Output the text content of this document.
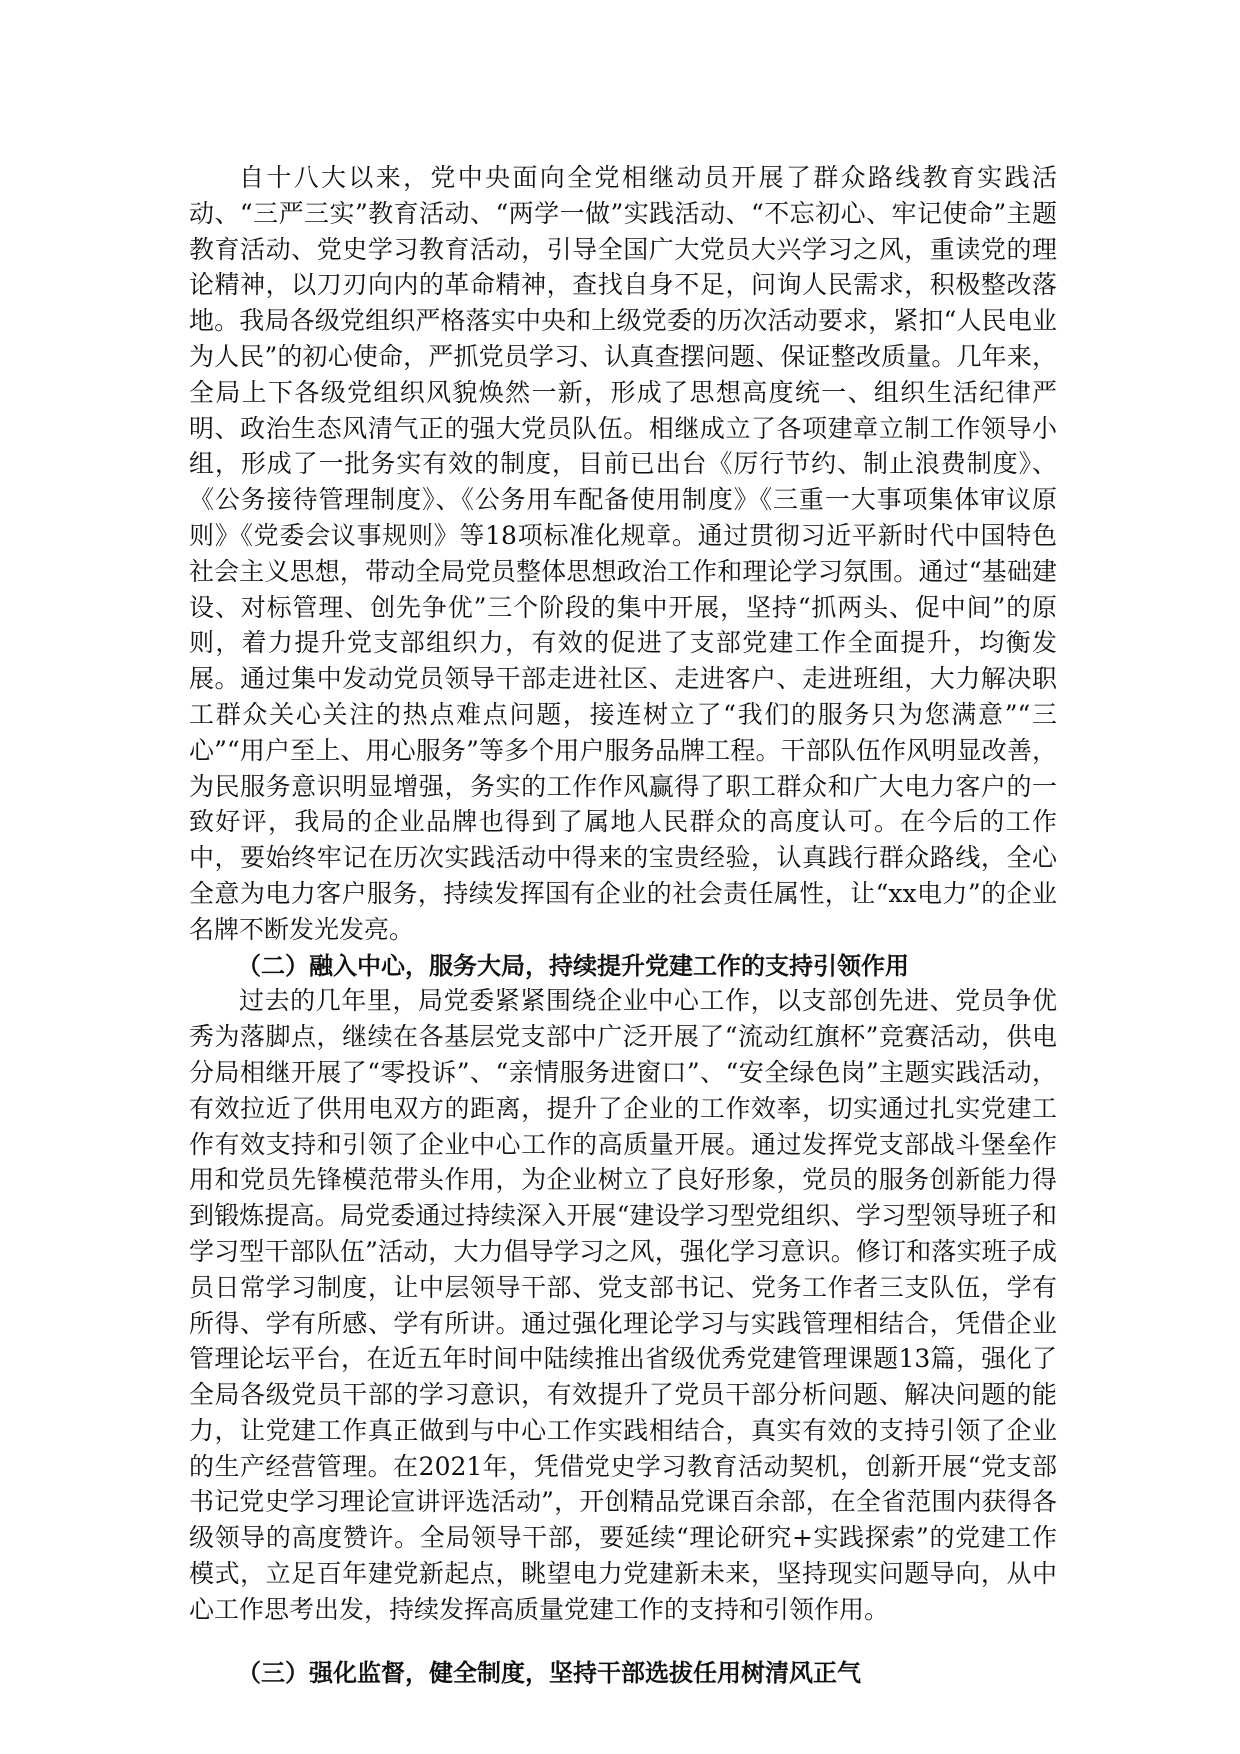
自十八大以来，党中央面向全党相继动员开展了群众路线教育实践活动、“三严三实”教育活动、“两学一做”实践活动、“不忘初心、牢记使命”主题教育活动、党史学习教育活动，引导全国广大党员大兴学习之风，重读党的理论精神，以刀刃向内的革命精神，查找自身不足，问询人民需求，积极整改落地。我局各级党组织严格落实中央和上级党委的历次活动要求，紧扣“人民电业为人民”的初心使命，严抓党员学习、认真查摆问题、保证整改质量。几年来，全局上下各级党组织风貌焕然一新，形成了思想高度统一、组织生活纪律严明、政治生态风清气正的强大党员队伍。相继成立了各项建章立制工作领导小组，形成了一批务实有效的制度，目前已出台《厉行节约、制止浪费制度》、《公务接待管理制度》、《公务用车配备使用制度》《三重一大事项集体审议原则》《党委会议事规则》等18项标准化规章。通过贯彻习近平新时代中国特色社会主义思想，带动全局党员整体思想政治工作和理论学习氛围。通过“基础建设、对标管理、创先争优”三个阶段的集中开展，坚持“抓两头、促中间”的原则，着力提升党支部组织力，有效的促进了支部党建工作全面提升，均衡发展。通过集中发动党员领导干部走进社区、走进客户、走进班组，大力解决职工群众关心关注的热点难点问题，接连树立了“我们的服务只为您满意”“三心”“用户至上、用心服务”等多个用户服务品牌工程。干部队伍作风明显改善，为民服务意识明显增强，务实的工作作风赢得了职工群众和广大电力客户的一致好评，我局的企业品牌也得到了属地人民群众的高度认可。在今后的工作中，要始终牢记在历次实践活动中得来的宝贵经验，认真践行群众路线，全心全意为电力客户服务，持续发挥国有企业的社会责任属性，让“xx电力”的企业名牌不断发光发亮。

（二）融入中心，服务大局，持续提升党建工作的支持引领作用

过去的几年里，局党委紧紧围绕企业中心工作，以支部创先进、党员争优秀为落脚点，继续在各基层党支部中广泛开展了“流动红旗杯”竞赛活动，供电分局相继开展了“零投诉”、“亲情服务进窗口”、“安全绿色岗”主题实践活动，有效拉近了供用电双方的距离，提升了企业的工作效率，切实通过扎实党建工作有效支持和引领了企业中心工作的高质量开展。通过发挥党支部战斗堡垒作用和党员先锋模范带头作用，为企业树立了良好形象，党员的服务创新能力得到锻炼提高。局党委通过持续深入开展“建设学习型党组织、学习型领导班子和学习型干部队伍”活动，大力倡导学习之风，强化学习意识。修订和落实班子成员日常学习制度，让中层领导干部、党支部书记、党务工作者三支队伍，学有所得、学有所感、学有所讲。通过强化理论学习与实践管理相结合，凭借企业管理论坛平台，在近五年时间中陆续推出省级优秀党建管理课题13篇，强化了全局各级党员干部的学习意识，有效提升了党员干部分析问题、解决问题的能力，让党建工作真正做到与中心工作实践相结合，真实有效的支持引领了企业的生产经营管理。在2021年，凭借党史学习教育活动契机，创新开展“党支部书记党史学习理论宣讲评选活动”，开创精品党课百余部，在全省范围内获得各级领导的高度赞许。全局领导干部，要延续“理论研究+实践探索”的党建工作模式，立足百年建党新起点，眺望电力党建新未来，坚持现实问题导向，从中心工作思考出发，持续发挥高质量党建工作的支持和引领作用。

（三）强化监督，健全制度，坚持干部选拔任用树清风正气
